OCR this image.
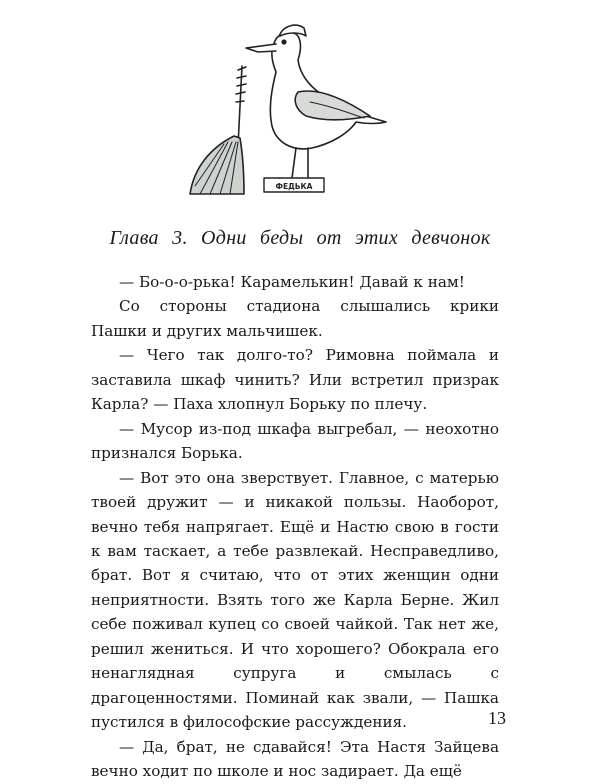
ФЕДЬКА
Глава 3. Одни беды от этих девчонок

— Бо-о-о-рька! Карамелькин! Давай к нам!

Со стороны стадиона слышались крики Пашки и других мальчишек.

— Чего так долго-то? Римовна поймала и заставила шкаф чинить? Или встретил призрак Карла? — Паха хлопнул Борьку по плечу.

— Мусор из-под шкафа выгребал, — неохотно признался Борька.

— Вот это она зверствует. Главное, с матерью твоей дружит — и никакой пользы. Наоборот, вечно тебя напрягает. Ещё и Настю свою в гости к вам таскает, а тебе развлекай. Несправедливо, брат. Вот я считаю, что от этих женщин одни неприятности. Взять того же Карла Берне. Жил себе поживал купец со своей чайкой. Так нет же, решил жениться. И что хорошего? Обокрала его ненаглядная супруга и смылась с драгоценностями. Поминай как звали, — Пашка пустился в философские рассуждения.

— Да, брат, не сдавайся! Эта Настя Зайцева вечно ходит по школе и нос задирает. Да ещё

13
